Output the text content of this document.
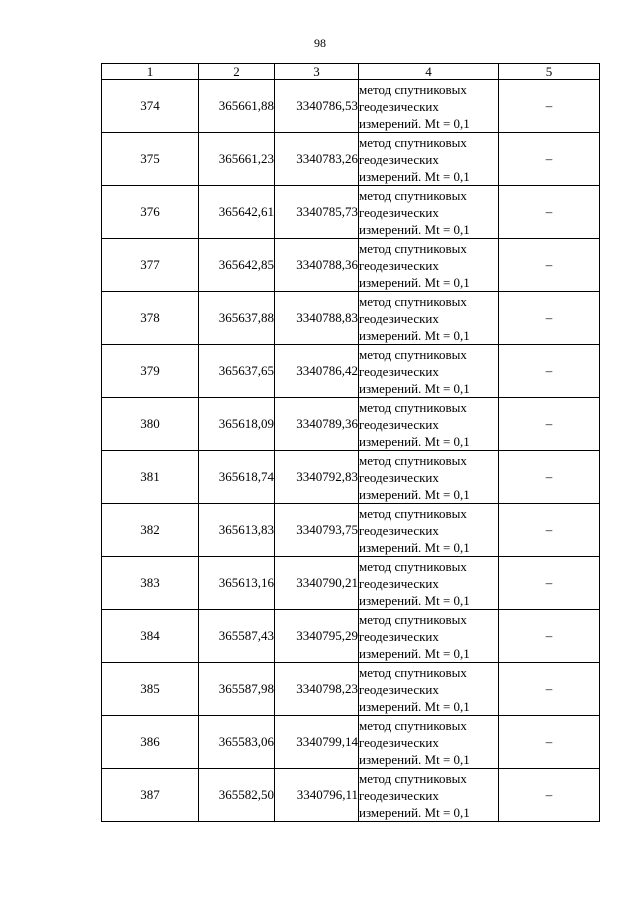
98
1	2	3	4	5
374	365661,88	3340786,53	метод спутниковых
геодезических
измерений. Mt = 0,1	–
375	365661,23	3340783,26	метод спутниковых
геодезических
измерений. Mt = 0,1	–
376	365642,61	3340785,73	метод спутниковых
геодезических
измерений. Mt = 0,1	–
377	365642,85	3340788,36	метод спутниковых
геодезических
измерений. Mt = 0,1	–
378	365637,88	3340788,83	метод спутниковых
геодезических
измерений. Mt = 0,1	–
379	365637,65	3340786,42	метод спутниковых
геодезических
измерений. Mt = 0,1	–
380	365618,09	3340789,36	метод спутниковых
геодезических
измерений. Mt = 0,1	–
381	365618,74	3340792,83	метод спутниковых
геодезических
измерений. Mt = 0,1	–
382	365613,83	3340793,75	метод спутниковых
геодезических
измерений. Mt = 0,1	–
383	365613,16	3340790,21	метод спутниковых
геодезических
измерений. Mt = 0,1	–
384	365587,43	3340795,29	метод спутниковых
геодезических
измерений. Mt = 0,1	–
385	365587,98	3340798,23	метод спутниковых
геодезических
измерений. Mt = 0,1	–
386	365583,06	3340799,14	метод спутниковых
геодезических
измерений. Mt = 0,1	–
387	365582,50	3340796,11	метод спутниковых
геодезических
измерений. Mt = 0,1	–
